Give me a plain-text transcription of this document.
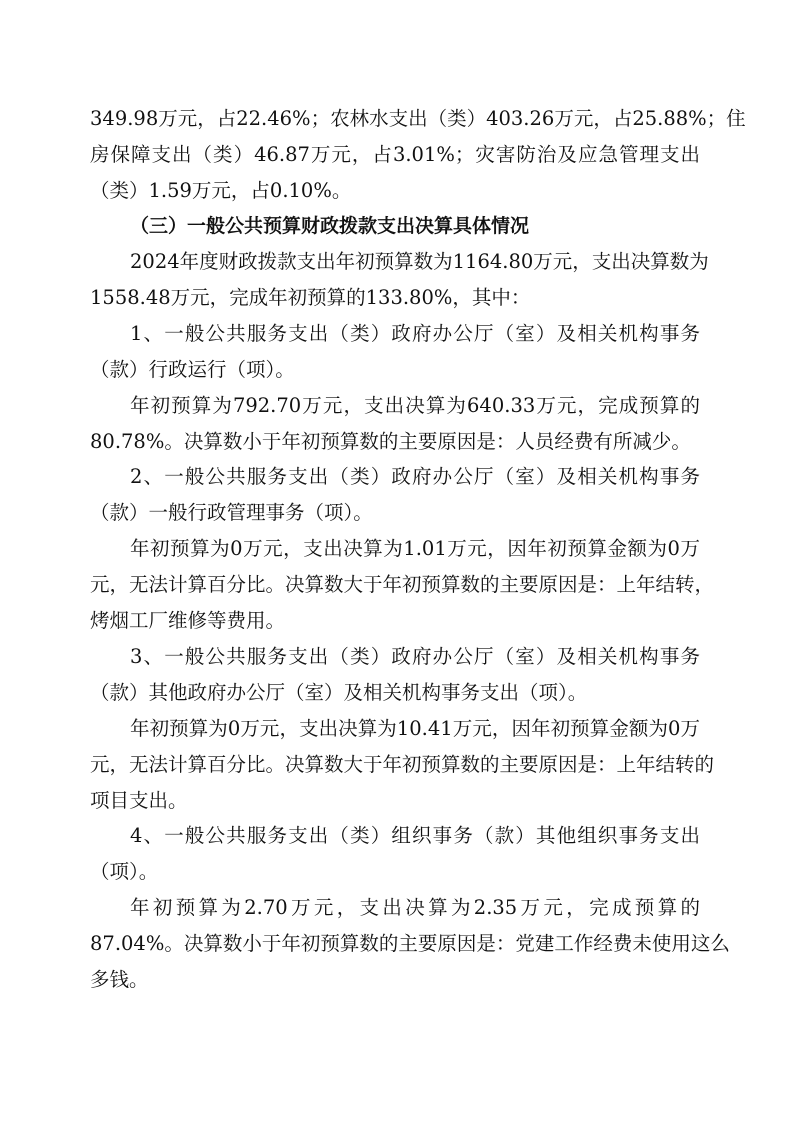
349.98万元，占22.46%；农林水支出（类）403.26万元，占25.88%；住
房保障支出（类）46.87万元，占3.01%；灾害防治及应急管理支出
（类）1.59万元，占0.10%。
（三）一般公共预算财政拨款支出决算具体情况
2024年度财政拨款支出年初预算数为1164.80万元，支出决算数为
1558.48万元，完成年初预算的133.80%，其中：
1、一般公共服务支出（类）政府办公厅（室）及相关机构事务
（款）行政运行（项）。
年初预算为792.70万元，支出决算为640.33万元，完成预算的
80.78%。决算数小于年初预算数的主要原因是：人员经费有所减少。
2、一般公共服务支出（类）政府办公厅（室）及相关机构事务
（款）一般行政管理事务（项）。
年初预算为0万元，支出决算为1.01万元，因年初预算金额为0万
元，无法计算百分比。决算数大于年初预算数的主要原因是：上年结转，
烤烟工厂维修等费用。
3、一般公共服务支出（类）政府办公厅（室）及相关机构事务
（款）其他政府办公厅（室）及相关机构事务支出（项）。
年初预算为0万元，支出决算为10.41万元，因年初预算金额为0万
元，无法计算百分比。决算数大于年初预算数的主要原因是：上年结转的
项目支出。
4、一般公共服务支出（类）组织事务（款）其他组织事务支出
（项）。
年初预算为2.70万元，支出决算为2.35万元，完成预算的
87.04%。决算数小于年初预算数的主要原因是：党建工作经费未使用这么
多钱。
